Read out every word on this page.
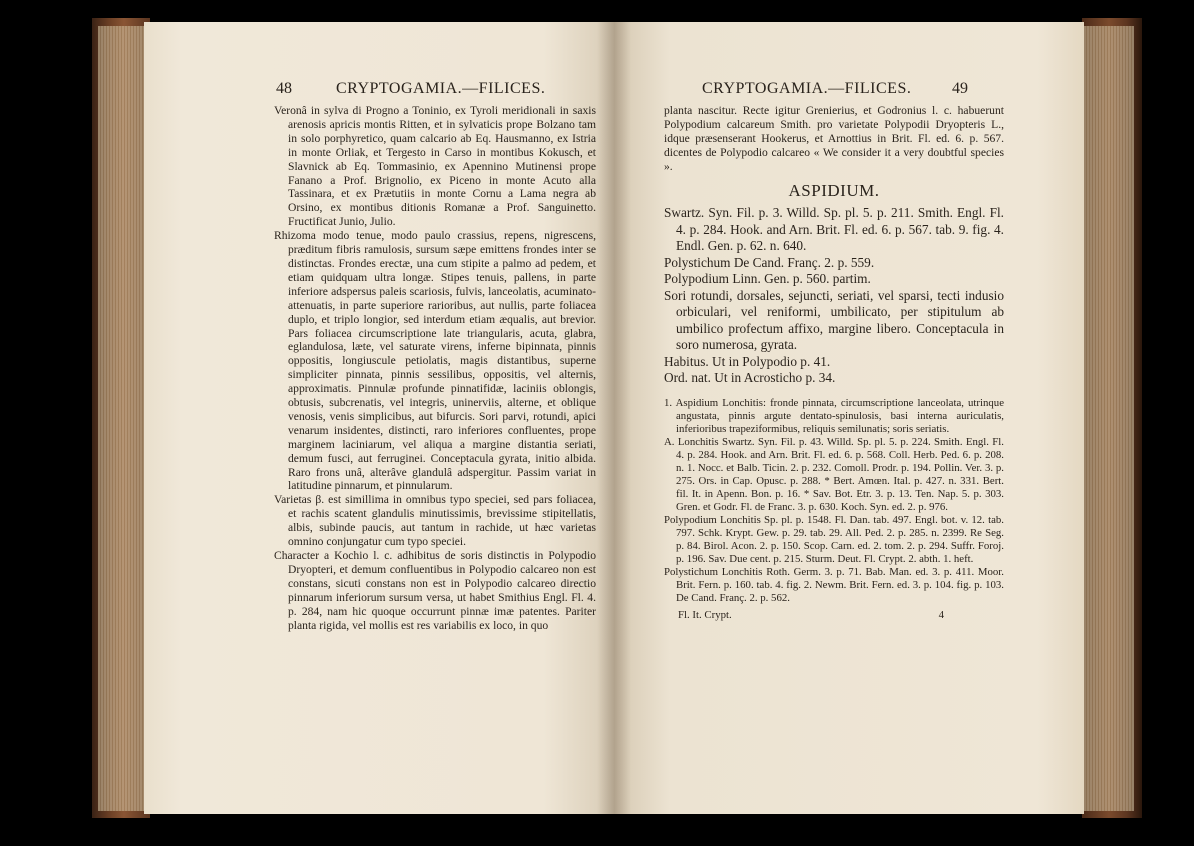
48	CRYPTOGAMIA.—FILICES.

Veronâ in sylva di Progno a Toninio, ex Tyroli meridionali in saxis arenosis apricis montis Ritten, et in sylvaticis prope Bolzano tam in solo porphyretico, quam calcario ab Eq. Hausmanno, ex Istria in monte Orliak, et Tergesto in Carso in montibus Kokusch, et Slavnick ab Eq. Tommasinio, ex Apennino Mutinensi prope Fanano a Prof. Brignolio, ex Piceno in monte Acuto alla Tassinara, et ex Prætutiis in monte Cornu a Lama negra ab Orsino, ex montibus ditionis Romanæ a Prof. Sanguinetto. Fructificat Junio, Julio.

Rhizoma modo tenue, modo paulo crassius, repens, nigrescens, præditum fibris ramulosis, sursum sæpe emittens frondes inter se distinctas. Frondes erectæ, una cum stipite a palmo ad pedem, et etiam quidquam ultra longæ. Stipes tenuis, pallens, in parte inferiore adspersus paleis scariosis, fulvis, lanceolatis, acuminato-attenuatis, in parte superiore rarioribus, aut nullis, parte foliacea duplo, et triplo longior, sed interdum etiam æqualis, aut brevior. Pars foliacea circumscriptione late triangularis, acuta, glabra, eglandulosa, læte, vel saturate virens, inferne bipinnata, pinnis oppositis, longiuscule petiolatis, magis distantibus, superne simpliciter pinnata, pinnis sessilibus, oppositis, vel alternis, approximatis. Pinnulæ profunde pinnatifidæ, laciniis oblongis, obtusis, subcrenatis, vel integris, uninerviis, alterne, et oblique venosis, venis simplicibus, aut bifurcis. Sori parvi, rotundi, apici venarum insidentes, distincti, raro inferiores confluentes, prope marginem laciniarum, vel aliqua a margine distantia seriati, demum fusci, aut ferruginei. Conceptacula gyrata, initio albida. Raro frons unâ, alterâve glandulâ adspergitur. Passim variat in latitudine pinnarum, et pinnularum.

Varietas β. est simillima in omnibus typo speciei, sed pars foliacea, et rachis scatent glandulis minutissimis, brevissime stipitellatis, albis, subinde paucis, aut tantum in rachide, ut hæc varietas omnino conjungatur cum typo speciei.

Character a Kochio l. c. adhibitus de soris distinctis in Polypodio Dryopteri, et demum confluentibus in Polypodio calcareo non est constans, sicuti constans non est in Polypodio calcareo directio pinnarum inferiorum sursum versa, ut habet Smithius Engl. Fl. 4. p. 284, nam hic quoque occurrunt pinnæ imæ patentes. Pariter planta rigida, vel mollis est res variabilis ex loco, in quo

CRYPTOGAMIA.—FILICES.	49

planta nascitur. Recte igitur Grenierius, et Godronius l. c. habuerunt Polypodium calcareum Smith. pro varietate Polypodii Dryopteris L., idque præsenserant Hookerus, et Arnottius in Brit. Fl. ed. 6. p. 567. dicentes de Polypodio calcareo « We consider it a very doubtful species ».

ASPIDIUM.

Swartz. Syn. Fil. p. 3. Willd. Sp. pl. 5. p. 211. Smith. Engl. Fl. 4. p. 284. Hook. and Arn. Brit. Fl. ed. 6. p. 567. tab. 9. fig. 4. Endl. Gen. p. 62. n. 640.

Polystichum De Cand. Franç. 2. p. 559.

Polypodium Linn. Gen. p. 560. partim.

Sori rotundi, dorsales, sejuncti, seriati, vel sparsi, tecti indusio orbiculari, vel reniformi, umbilicato, per stipitulum ab umbilico profectum affixo, margine libero. Conceptacula in soro numerosa, gyrata.

Habitus. Ut in Polypodio p. 41.

Ord. nat. Ut in Acrosticho p. 34.

1. Aspidium Lonchitis: fronde pinnata, circumscriptione lanceolata, utrinque angustata, pinnis argute dentato-spinulosis, basi interna auriculatis, inferioribus trapeziformibus, reliquis semilunatis; soris seriatis.

A. Lonchitis Swartz. Syn. Fil. p. 43. Willd. Sp. pl. 5. p. 224. Smith. Engl. Fl. 4. p. 284. Hook. and Arn. Brit. Fl. ed. 6. p. 568. Coll. Herb. Ped. 6. p. 208. n. 1. Nocc. et Balb. Ticin. 2. p. 232. Comoll. Prodr. p. 194. Pollin. Ver. 3. p. 275. Ors. in Cap. Opusc. p. 288. * Bert. Amœn. Ital. p. 427. n. 331. Bert. fil. It. in Apenn. Bon. p. 16. * Sav. Bot. Etr. 3. p. 13. Ten. Nap. 5. p. 303. Gren. et Godr. Fl. de Franc. 3. p. 630. Koch. Syn. ed. 2. p. 976.

Polypodium Lonchitis Sp. pl. p. 1548. Fl. Dan. tab. 497. Engl. bot. v. 12. tab. 797. Schk. Krypt. Gew. p. 29. tab. 29. All. Ped. 2. p. 285. n. 2399. Re Seg. p. 84. Birol. Acon. 2. p. 150. Scop. Carn. ed. 2. tom. 2. p. 294. Suffr. Foroj. p. 196. Sav. Due cent. p. 215. Sturm. Deut. Fl. Crypt. 2. abth. 1. heft.

Polystichum Lonchitis Roth. Germ. 3. p. 71. Bab. Man. ed. 3. p. 411. Moor. Brit. Fern. p. 160. tab. 4. fig. 2. Newm. Brit. Fern. ed. 3. p. 104. fig. p. 103. De Cand. Franç. 2. p. 562.

Fl. It. Crypt.	4
